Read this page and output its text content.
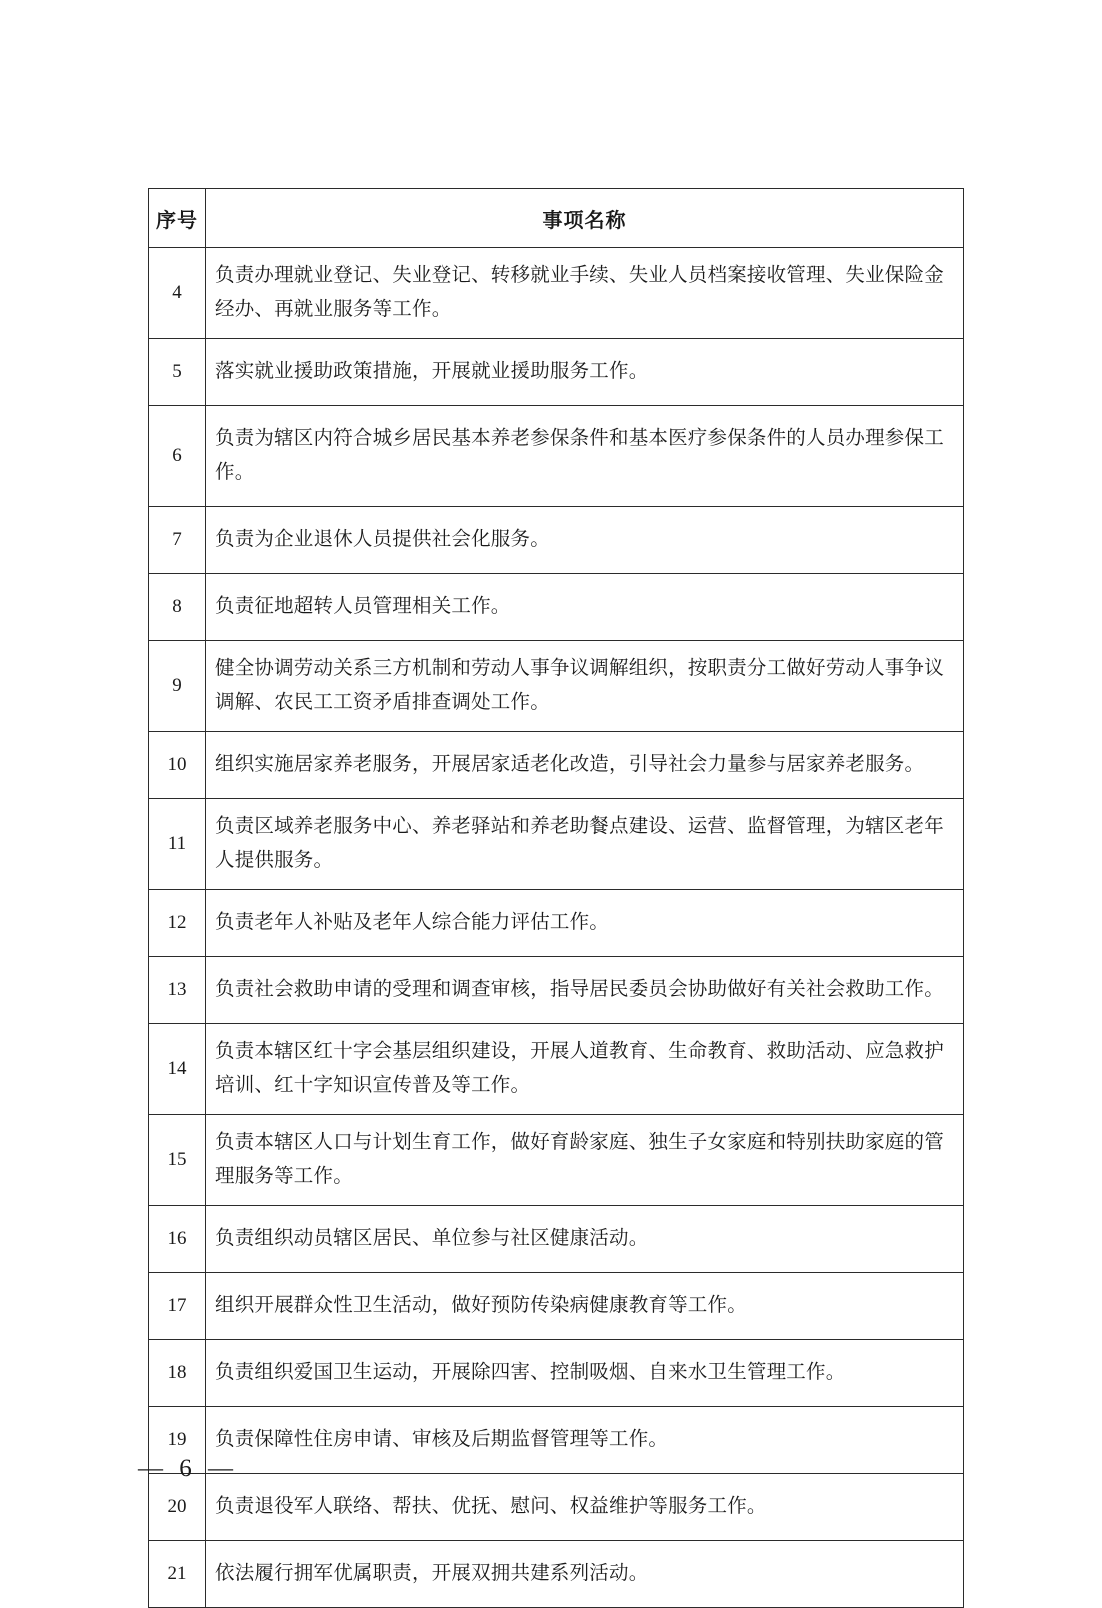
序号	事项名称
4	负责办理就业登记、失业登记、转移就业手续、失业人员档案接收管理、失业保险金经办、再就业服务等工作。
5	落实就业援助政策措施，开展就业援助服务工作。
6	负责为辖区内符合城乡居民基本养老参保条件和基本医疗参保条件的人员办理参保工作。
7	负责为企业退休人员提供社会化服务。
8	负责征地超转人员管理相关工作。
9	健全协调劳动关系三方机制和劳动人事争议调解组织，按职责分工做好劳动人事争议调解、农民工工资矛盾排查调处工作。
10	组织实施居家养老服务，开展居家适老化改造，引导社会力量参与居家养老服务。
11	负责区域养老服务中心、养老驿站和养老助餐点建设、运营、监督管理，为辖区老年人提供服务。
12	负责老年人补贴及老年人综合能力评估工作。
13	负责社会救助申请的受理和调查审核，指导居民委员会协助做好有关社会救助工作。
14	负责本辖区红十字会基层组织建设，开展人道教育、生命教育、救助活动、应急救护培训、红十字知识宣传普及等工作。
15	负责本辖区人口与计划生育工作，做好育龄家庭、独生子女家庭和特别扶助家庭的管理服务等工作。
16	负责组织动员辖区居民、单位参与社区健康活动。
17	组织开展群众性卫生活动，做好预防传染病健康教育等工作。
18	负责组织爱国卫生运动，开展除四害、控制吸烟、自来水卫生管理工作。
19	负责保障性住房申请、审核及后期监督管理等工作。
20	负责退役军人联络、帮扶、优抚、慰问、权益维护等服务工作。
21	依法履行拥军优属职责，开展双拥共建系列活动。
— 6 —
